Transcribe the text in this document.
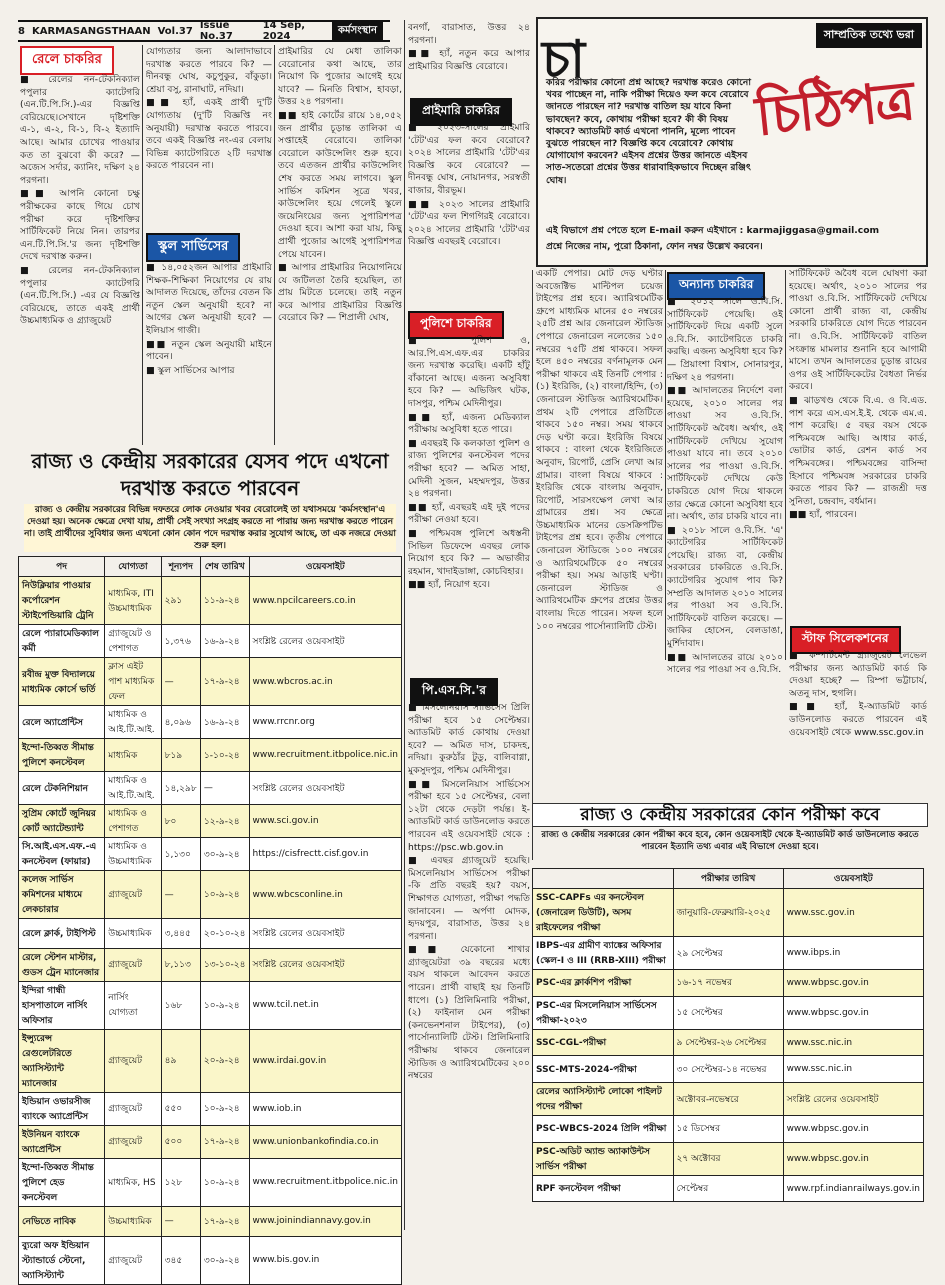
8 KARMASANGSTHAAN Vol.37 Issue No.37
14 Sep, 2024
কর্মসংস্থান
রেলে চাকরির
স্কুল সার্ভিসের
প্রাইমারি চাকরির
পুলিশে চাকরির
পি.এস.সি.'র
অন্যান্য চাকরির
স্টাফ সিলেকশনের

■ রেলের নন-টেকনিক্যাল পপুলার ক্যাটেগরি (এন.টি.পি.সি.)-এর বিজ্ঞপ্তি বেরিয়েছে।সেখানে দৃষ্টিশক্তি এ-১, এ-২, বি-১, বি-২ ইত্যাদি আছে। আমার চোখের পাওয়ার কত তা বুঝবো কী করে? — অজেস সর্দার, ক্যানিং, দক্ষিণ ২৪ পরগনা।

■■ আপনি কোনো চক্ষু পরীক্ষকের কাছে গিয়ে চোখ পরীক্ষা করে দৃষ্টিশক্তির সার্টিফিকেট নিয়ে নিন। তারপর এন.টি.পি.সি.'র জন্য দৃষ্টিশক্তি দেখে দরখাস্ত করুন।

■ রেলের নন-টেকনিক্যাল পপুলার ক্যাটেগরি (এন.টি.পি.সি.) -এর যে বিজ্ঞপ্তি বেরিয়েছে, তাতে একই প্রার্থী উচ্চমাধ্যমিক ও গ্র্যাজুয়েট

যোগ্যতার জন্য আলাদাভাবে দরখাস্ত করতে পারবে কি? — দীনবন্ধু ঘোষ, কচুপুকুর, বাঁকুড়া। শ্রেয়া বসু, রানাঘাট, নদিয়া।

■■ হ্যাঁ, একই প্রার্থী দু'টি যোগ্যতায় (দু'টি বিজ্ঞপ্তি নং অনুযায়ী) দরখাস্ত করতে পারবে। তবে একই বিজ্ঞপ্তি নং-এর বেলায় বিভিন্ন ক্যাটেগরিতে ২টি দরখাস্ত করতে পারবেন না।

■ ১৪,০৫২জন আপার প্রাইমারি শিক্ষক-শিক্ষিকা নিয়োগের যে রায় আদালত দিয়েছে, তাঁদের বেতন কি নতুন স্কেল অনুযায়ী হবে? না আগের স্কেল অনুযায়ী হবে? — ইলিয়াস গাজী।

■■ নতুন স্কেল অনুযায়ী মাইনে পাবেন।

■ স্কুল সার্ভিসের আপার

প্রাইমারির যে মেধা তালিকা বেরোনোর কথা আছে, তার নিয়োগ কি পুজোর আগেই হয়ে যাবে? — মিনতি বিশ্বাস, হাবড়া, উত্তর ২৪ পরগনা।

■■ হাই কোর্টের রায়ে ১৪,০৫২ জন প্রার্থীর চূড়ান্ত তালিকা এ সপ্তাহেই বেরোবে। তালিকা বেরোলে কাউন্সেলিং শুরু হবে। তবে এতজন প্রার্থীর কাউন্সেলিং শেষ করতে সময় লাগবে। স্কুল সার্ভিস কমিশন সূত্রে খবর, কাউন্সেলিং হয়ে গেলেই স্কুলে জয়েনিংয়ের জন্য সুপারিশপত্র দেওয়া হবে। আশা করা যায়, কিছু প্রার্থী পুজোর আগেই সুপারিশপত্র পেয়ে যাবেন।

■ আপার প্রাইমারির নিয়োগনিয়ে যে জটিলতা তৈরি হয়েছিল, তা প্রায় মিটতে চলেছে। তাই নতুন করে আপার প্রাইমারির বিজ্ঞপ্তি বেরোবে কি? — শিপ্রালী ঘোষ,

বনগাঁ, বারাসাত, উত্তর ২৪ পরগনা।

■■ হ্যাঁ, নতুন করে আপার প্রাইমারির বিজ্ঞপ্তি বেরোবে।

■ ২০২৩-সালের প্রাইমারি 'টেট'এর ফল কবে বেরোবে? ২০২৪ সালের প্রাইমারি 'টেট'এর বিজ্ঞপ্তি কবে বেরোবে? — দীনবন্ধু ঘোষ, নোয়ানগর, সরস্বতী বাজার, বীরভূম।

■■ ২০২৩ সালের প্রাইমারি 'টেট'এর ফল শিগগিরই বেরোবে। ২০২৪ সালের প্রাইমারি 'টেট'এর বিজ্ঞপ্তি এবছরই বেরোবে।

■ পুলিশ ও, আর.পি.এস.এফ.এর চাকরির জন্য দরখাস্ত করেছি। একটি হাঁটু বাঁকানো আছে। এজন্য অসুবিধা হবে কি? — অভিজিৎ ঘটক, দাসপুর, পশ্চিম মেদিনীপুর।

■■ হ্যাঁ, এজন্য মেডিক্যাল পরীক্ষায় অসুবিধা হতে পারে।

■ এবছরই কি কলকাতা পুলিশ ও রাজ্য পুলিশের কনস্টেবল পদের পরীক্ষা হবে? — অমিত সাহা, মেদিনী সুজন, মহম্মদপুর, উত্তর ২৪ পরগনা।

■■ হ্যাঁ, এবছরই এই দুই পদের পরীক্ষা নেওয়া হবে।

■ পশ্চিমবঙ্গ পুলিশে অধস্তনী সিভিল ডিফেন্সে এবছর লোক নিয়োগ হবে কি? — অভাজীর রহমান, খাদাইডাঙ্গা, কোচবিহার।

■■ হ্যাঁ, নিয়োগ হবে।

■ মিসলেনিয়াস সার্ভিসেস প্রিলি পরীক্ষা হবে ১৫ সেপ্টেম্বর। অ্যাডমিট কার্ড কোথায় দেওয়া হবে? — অমিত দাস, চাকদহ, নদিয়া। কুরুঠাঁর টুডু, বালিবাগ্না, মুকসুদপুর, পশ্চিম মেদিনীপুর।

■■ মিসলেনিয়াস সার্ভিসেস পরীক্ষা হবে ১৫ সেপ্টেম্বর, বেলা ১২টা থেকে দেড়টা পর্যন্ত। ই-অ্যাডমিট কার্ড ডাউনলোড করতে পারবেন এই ওয়েবসাইট থেকে : https://psc.wb.gov.in

■ এবছর গ্র্যাজুয়েট হয়েছি। মিসলেনিয়াস সার্ভিসেস পরীক্ষা -কি প্রতি বছরই হয়? বয়স, শিক্ষাগত যোগ্যতা, পরীক্ষা পদ্ধতি জানাবেন। — অর্পণা মোদক, হৃদয়পুর, বারাসাত, উত্তর ২৪ পরগনা।

■■ যেকোনো শাখার গ্র্যাজুয়েটরা ৩৯ বছরের মধ্যে বয়স থাকলে আবেদন করতে পারেন। প্রার্থী বাছাই হয় তিনটি ধাপে। (১) প্রিলিমিনারি পরীক্ষা, (২) ফাইনাল মেন পরীক্ষা (কনভেনশনাল টাইপের), (৩) পার্সোন্যালিটি টেস্ট। প্রিলিমিনারি পরীক্ষায় থাকবে জেনারেল স্টাডিজ ও অ্যারিথমেটিকের ২০০ নম্বরের

একটি পেপার। মোট দেড় ঘণ্টার অবজেক্টিভ মাল্টিপল চয়েজ টাইপের প্রশ্ন হবে। অ্যারিথমেটিক গ্রুপে মাধ্যমিক মানের ৫০ নম্বরের ২৫টি প্রশ্ন আর জেনারেল স্টাডিজ পেপারে জেনারেল নলেজের ১৫০ নম্বরের ৭৫টি প্রশ্ন থাকবে। সফল হলে ৪৫০ নম্বরের বর্ণনামূলক মেন পরীক্ষা থাকবে এই তিনটি পেপার : (১) ইংরিজি, (২) বাংলা/হিন্দি, (৩) জেনারেল স্টাডিজ অ্যারিথমেটিক। প্রথম ২টি পেপারে প্রতিটিতে থাকবে ১৫০ নম্বর। সময় থাকবে দেড় ঘণ্টা করে। ইংরিজি বিষয়ে থাকবে : বাংলা থেকে ইংরিজিতে অনুবাদ, রিপোর্ট, প্রেসি লেখা আর গ্রামার। বাংলা বিষয়ে থাকবে : ইংরিজি থেকে বাংলায় অনুবাদ, রিপোর্ট, সারসংক্ষেপ লেখা আর গ্রামারের প্রশ্ন। সব ক্ষেত্রে উচ্চমাধ্যমিক মানের ডেসক্রিপটিভ টাইপের প্রশ্ন হবে। তৃতীয় পেপারে জেনারেল স্টাডিজে ১০০ নম্বরের ও অ্যারিথমেটিকে ৫০ নম্বরের পরীক্ষা হয়। সময় আড়াই ঘণ্টা। জেনারেল স্টাডিজ ও অ্যারিথমেটিক গ্রুপের প্রশ্নের উত্তর বাংলায় দিতে পারেন। সফল হলে ১০০ নম্বরের পার্সোন্যালিটি টেস্ট।

■ ২০১২ সালে ও.বি.সি. সার্টিফিকেট পেয়েছি। ওই সার্টিফিকেট দিয়ে একটি সুলে ও.বি.সি. ক্যাটেগরিতে চাকরি করছি। এজন্য অসুবিধা হবে কি? — প্রিয়াংশা বিশ্বাস, সোনারপুর, দক্ষিণ ২৪ পরগনা।

■■ আদালতের নির্দেশে বলা হয়েছে, ২০১০ সালের পর পাওয়া সব ও.বি.সি. সার্টিফিকেট অবৈধ। অর্থাৎ, ওই সার্টিফিকেট দেখিয়ে সুযোগ পাওয়া যাবে না। তবে ২০১০ সালের পর পাওয়া ও.বি.সি. সার্টিফিকেট দেখিয়ে কেউ চাকরিতে যোগ দিয়ে থাকলে তার ক্ষেত্রে কোনো অসুবিধা হবে না। অর্থাৎ, তার চাকরি যাবে না।

■ ২০১৮ সালে ও.বি.সি. 'এ' ক্যাটেগরির সার্টিফিকেট পেয়েছি। রাজ্য বা, কেন্দ্রীয় সরকারের চাকরিতে ও.বি.সি. ক্যাটেগরির সুযোগ পাব কি? সম্প্রতি আদালত ২০১০ সালের পর পাওয়া সব ও.বি.সি. সার্টিফিকেট বাতিল করেছে। — জাকির হোসেন, বেলডাঙা, মুর্শিদাবাদ।

■■ আদালতের রায়ে ২০১০ সালের পর পাওয়া সব ও.বি.সি.

সার্টিফিকেট অবৈধ বলে ঘোষণা করা হয়েছে। অর্থাৎ, ২০১০ সালের পর পাওয়া ও.বি.সি. সার্টিফিকেট দেখিয়ে কোনো প্রার্থী রাজ্য বা, কেন্দ্রীয় সরকারি চাকরিতে যোগ দিতে পারবেন না। ও.বি.সি. সার্টিফিকেট বাতিল সংক্রান্ত মামলার শুনানি হবে আগামী মাসে। তখন আদালতের চূড়ান্ত রায়ের ওপর ওই সার্টিফিকেটের বৈধতা নির্ভর করবে।

■ ঝাড়খণ্ড থেকে বি.এ. ও বি.এড. পাশ করে এস.এস.ই.ই. থেকে এম.এ. পাশ করেছি। ৫ বছর বয়স থেকে পশ্চিমবঙ্গে আছি। আধার কার্ড, ভোটার কার্ড, রেশন কার্ড সব পশ্চিমবঙ্গের। পশ্চিমবঙ্গের বাসিন্দা হিসাবে পশ্চিমবঙ্গ সরকারের চাকরি করতে পারব কি? — রাজশ্রী দত্ত সুনিতা, চন্দ্রবাদ, বর্ধমান।

■■ হ্যাঁ, পারবেন।

■ কম্পার্টমেন্ট গ্র্যাজুয়েট লেভেল পরীক্ষার জন্য অ্যাডমিট কার্ড কি দেওয়া হচ্ছে? — রিম্পা ভট্টাচার্য, অতনু দাস, হুগলি।

■■ হ্যাঁ, ই-অ্যাডমিট কার্ড ডাউনলোড করতে পারবেন এই ওয়েবসাইট থেকে www.ssc.gov.in

চা	সাম্প্রতিক তথ্যে ভরা
চিঠিপত্র
করির পরীক্ষার কোনো প্রশ্ন আছে? দরখাস্ত করেও কোনো খবর পাচ্ছেন না, নাকি পরীক্ষা দিয়েও ফল কবে বেরোবে জানতে পারছেন না? দরখাস্ত বাতিল হয় যাবে কিনা ভাবছেন? কবে, কোথায় পরীক্ষা হবে? কী কী বিষয় থাকবে? অ্যাডমিট কার্ড এখনো পাননি, মূল্যে পাবেন বুঝতে পারছেন না? বিজ্ঞপ্তি কবে বেরোবে? কোথায় যোগাযোগ করবেন? এইসব প্রশ্নের উত্তর জানতে এইসব সাত-সতেরো প্রশ্নের উত্তর ধারাবাহিকভাবে দিচ্ছেন রঞ্জিৎ ঘোষ।
এই বিভাগে প্রশ্ন পেতে হলে E-mail করুন এইখানে : karmajiggasa@gmail.com
প্রশ্নে নিজের নাম, পুরো ঠিকানা, ফোন নম্বর উল্লেখ করবেন।
রাজ্য ও কেন্দ্রীয় সরকারের যেসব পদে এখনো দরখাস্ত করতে পারবেন
রাজ্য ও কেন্দ্রীয় সরকারের বিভিন্ন দফতরে লোক নেওয়ার খবর বেরোলেই তা যথাসময়ে 'কর্মসংস্থান'এ দেওয়া হয়। অনেক ক্ষেত্রে দেখা যায়, প্রার্থী সেই সংখ্যা সংগ্রহ করতে না পারায় জন্য দরখাস্ত করতে পারেন না। তাই প্রার্থীদের সুবিধার জন্য এখনো কোন কোন পদে দরখাস্ত করার সুযোগ আছে, তা এক নজরে দেওয়া শুরু হল।
পদ	যোগ্যতা	শূন্যপদ	শেষ তারিখ	ওয়েবসাইট
নিউক্লিয়ার পাওয়ার কর্পোরেশন স্টাইপেন্ডিয়ারি ট্রেনি	মাধ্যমিক, ITI উচ্চমাধ্যমিক	২৯১	১১-৯-২৪	www.npcilcareers.co.in
রেলে প্যারামেডিক্যাল কর্মী	গ্র্যাজুয়েট ও পেশাগত	১,৩৭৬	১৬-৯-২৪	সংশ্লিষ্ট রেলের ওয়েবসাইট
রবীন্দ্র মুক্ত বিদ্যালয়ে মাধ্যমিক কোর্সে ভর্তি	ক্লাস এইট পাশ মাধ্যমিক ফেল	—	১৭-৯-২৪	www.wbcros.ac.in
রেলে অ্যাপ্রেন্টিস	মাধ্যমিক ও আই.টি.আই.	৪,০৯৬	১৬-৯-২৪	www.rrcnr.org
ইন্দো-তিব্বত সীমান্ত পুলিশে কনস্টেবল	মাধ্যমিক	৮১৯	১-১০-২৪	www.recruitment.itbpolice.nic.in
রেলে টেকনিশিয়ান	মাধ্যমিক ও আই.টি.আই.	১৪,২৯৮	—	সংশ্লিষ্ট রেলের ওয়েবসাইট
সুপ্রিম কোর্টে জুনিয়র কোর্ট অ্যাটেন্ড্যান্ট	মাধ্যমিক ও পেশাগত	৮০	১২-৯-২৪	www.sci.gov.in
সি.আই.এস.এফ.-এ কনস্টেবল (ফায়ার)	মাধ্যমিক ও উচ্চমাধ্যমিক	১,১৩০	৩০-৯-২৪	https://cisfrectt.cisf.gov.in
কলেজ সার্ভিস কমিশনের মাধ্যমে লেকচারার	গ্র্যাজুয়েট	—	১০-৯-২৪	www.wbcsconline.in
রেলে ক্লার্ক, টাইপিস্ট	উচ্চমাধ্যমিক	৩,৪৪৫	২০-১০-২৪	সংশ্লিষ্ট রেলের ওয়েবসাইট
রেলে স্টেশন মাস্টার, গুডস ট্রেন ম্যানেজার	গ্র্যাজুয়েট	৮,১১৩	১৩-১০-২৪	সংশ্লিষ্ট রেলের ওয়েবসাইট
ইন্দিরা গান্ধী হাসপাতালে নার্সিং অফিসার	নার্সিং যোগ্যতা	১৬৮	১০-৯-২৪	www.tcil.net.in
ইন্স্যুরেন্স রেগুলেটরিতে অ্যাসিস্ট্যান্ট ম্যানেজার	গ্র্যাজুয়েট	৪৯	২০-৯-২৪	www.irdai.gov.in
ইন্ডিয়ান ওভারসীজ ব্যাংকে অ্যাপ্রেন্টিস	গ্র্যাজুয়েট	৫৫০	১০-৯-২৪	www.iob.in
ইউনিয়ন ব্যাংকে অ্যাপ্রেন্টিস	গ্র্যাজুয়েট	৫০০	১৭-৯-২৪	www.unionbankofindia.co.in
ইন্দো-তিব্বত সীমান্ত পুলিশে হেড কনস্টেবল	মাধ্যমিক, HS	১২৮	১০-৯-২৪	www.recruitment.itbpolice.nic.in
নেভিতে নাবিক	উচ্চমাধ্যমিক	—	১৭-৯-২৪	www.joinindiannavy.gov.in
ব্যুরো অফ ইন্ডিয়ান স্ট্যান্ডার্ডে স্টেনো, অ্যাসিস্ট্যান্ট	গ্র্যাজুয়েট	৩৪৫	৩০-৯-২৪	www.bis.gov.in
রাজ্য ও কেন্দ্রীয় সরকারের কোন পরীক্ষা কবে
রাজ্য ও কেন্দ্রীয় সরকারের কোন পরীক্ষা কবে হবে, কোন ওয়েবসাইট থেকে ই-অ্যাডমিট কার্ড ডাউনলোড করতে পারবেন ইত্যাদি তথ্য এবার এই বিভাগে দেওয়া হবে।
	পরীক্ষার তারিখ	ওয়েবসাইট
SSC-CAPFs এর কনস্টেবল (জেনারেল ডিউটি), অসম রাইফেলের পরীক্ষা	জানুয়ারি-ফেব্রুয়ারি-২০২৫	www.ssc.gov.in
IBPS-এর গ্রামীণ ব্যাঙ্কের অফিসার (স্কেল-I ও III (RRB-XIII) পরীক্ষা	২৯ সেপ্টেম্বর	www.ibps.in
PSC-এর ক্লার্কশিপ পরীক্ষা	১৬-১৭ নভেম্বর	www.wbpsc.gov.in
PSC-এর মিসলেনিয়াস সার্ভিসেস পরীক্ষা-২০২৩	১৫ সেপ্টেম্বর	www.wbpsc.gov.in
SSC-CGL-পরীক্ষা	৯ সেপ্টেম্বর-২৬ সেপ্টেম্বর	www.ssc.nic.in
SSC-MTS-2024-পরীক্ষা	৩০ সেপ্টেম্বর-১৪ নভেম্বর	www.ssc.nic.in
রেলের অ্যাসিস্ট্যান্ট লোকো পাইলট পদের পরীক্ষা	অক্টোবর-নভেম্বরে	সংশ্লিষ্ট রেলের ওয়েবসাইট
PSC-WBCS-2024 প্রিলি পরীক্ষা	১৫ ডিসেম্বর	www.wbpsc.gov.in
PSC-অডিট অ্যান্ড অ্যাকাউন্টস সার্ভিস পরীক্ষা	২৭ অক্টোবর	www.wbpsc.gov.in
RPF কনস্টেবল পরীক্ষা	সেপ্টেম্বর	www.rpf.indianrailways.gov.in
